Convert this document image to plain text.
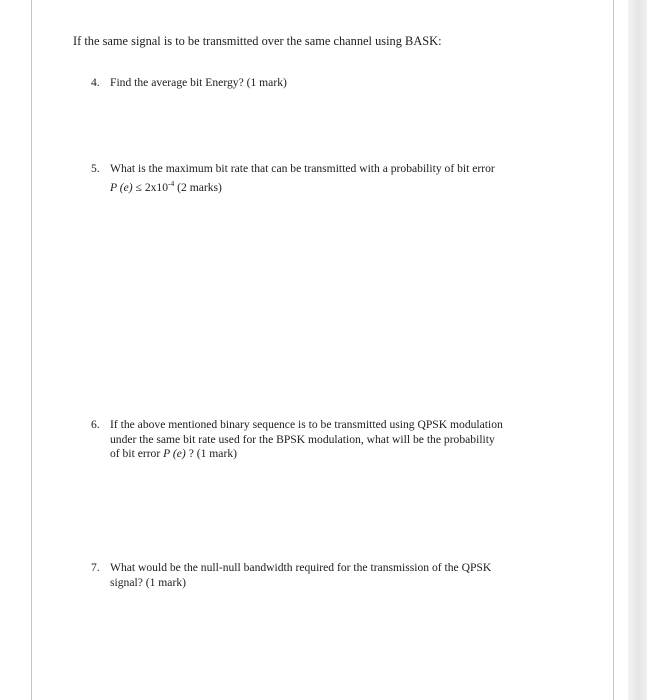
If the same signal is to be transmitted over the same channel using BASK:
4. Find the average bit Energy? (1 mark)
5. What is the maximum bit rate that can be transmitted with a probability of bit error
P $(e) \le 2x10^{-4}$ (2 marks)
6. If the above mentioned binary sequence is to be transmitted using QPSK modulation
under the same bit rate used for the BPSK modulation, what will be the probability
of bit error P (e) ? (1 mark)
7. What would be the null-null bandwidth required for the transmission of the QPSK
signal? (1 mark)
